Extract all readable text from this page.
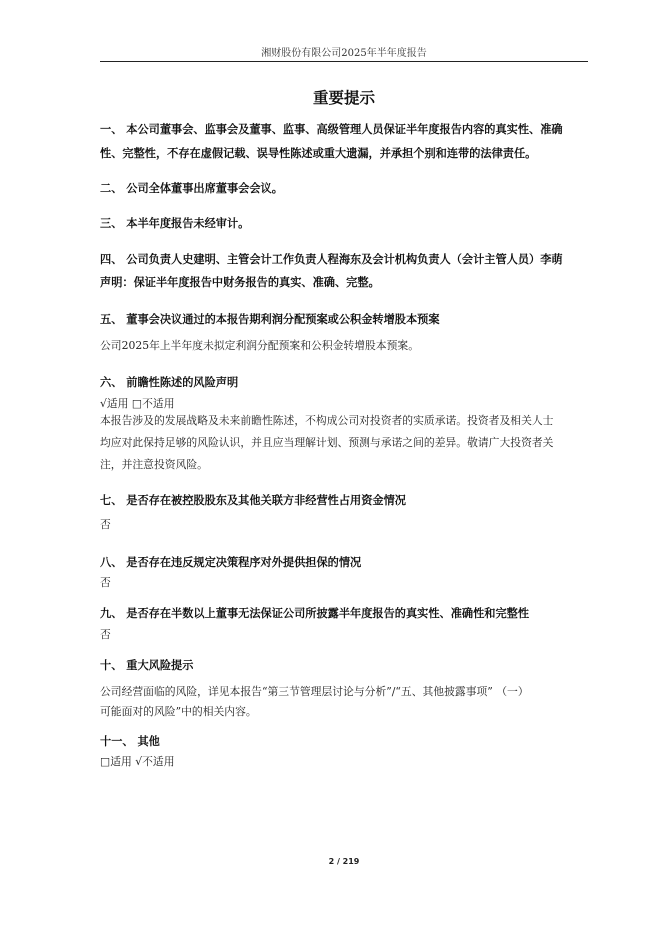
湘财股份有限公司2025年半年度报告
重要提示
一、 本公司董事会、监事会及董事、监事、高级管理人员保证半年度报告内容的真实性、准确
性、完整性，不存在虚假记载、误导性陈述或重大遗漏，并承担个别和连带的法律责任。
二、 公司全体董事出席董事会会议。
三、 本半年度报告未经审计。
四、 公司负责人史建明、主管会计工作负责人程海东及会计机构负责人（会计主管人员）李萌
声明：保证半年度报告中财务报告的真实、准确、完整。
五、 董事会决议通过的本报告期利润分配预案或公积金转增股本预案
公司2025年上半年度未拟定利润分配预案和公积金转增股本预案。
六、 前瞻性陈述的风险声明
√适用 □不适用
本报告涉及的发展战略及未来前瞻性陈述，不构成公司对投资者的实质承诺。投资者及相关人士
均应对此保持足够的风险认识，并且应当理解计划、预测与承诺之间的差异。敬请广大投资者关
注，并注意投资风险。
七、 是否存在被控股股东及其他关联方非经营性占用资金情况
否
八、 是否存在违反规定决策程序对外提供担保的情况
否
九、 是否存在半数以上董事无法保证公司所披露半年度报告的真实性、准确性和完整性
否
十、 重大风险提示
公司经营面临的风险，详见本报告“第三节管理层讨论与分析”/“五、其他披露事项” （一）
可能面对的风险”中的相关内容。
十一、 其他
□适用 √不适用
2 / 219
